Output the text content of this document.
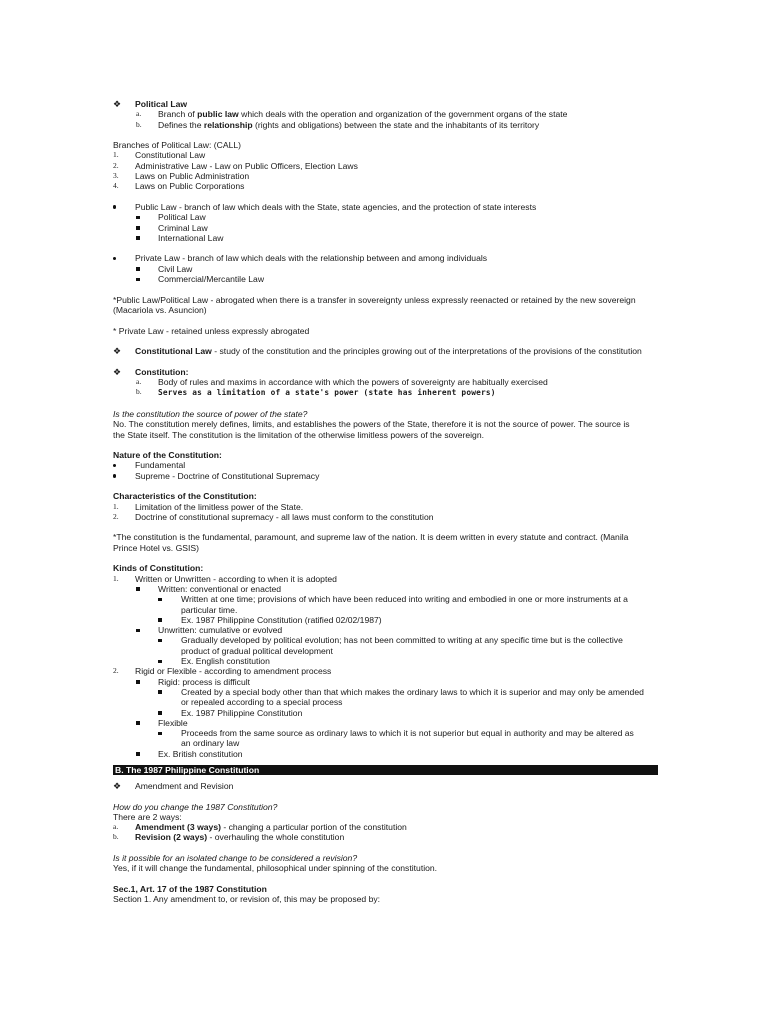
❖ Political Law
a. Branch of public law which deals with the operation and organization of the government organs of the state
b. Defines the relationship (rights and obligations) between the state and the inhabitants of its territory
Branches of Political Law: (CALL)
1. Constitutional Law
2. Administrative Law - Law on Public Officers, Election Laws
3. Laws on Public Administration
4. Laws on Public Corporations
Public Law - branch of law which deals with the State, state agencies, and the protection of state interests
Political Law
Criminal Law
International Law
Private Law - branch of law which deals with the relationship between and among individuals
Civil Law
Commercial/Mercantile Law
*Public Law/Political Law - abrogated when there is a transfer in sovereignty unless expressly reenacted or retained by the new sovereign
(Macariola vs. Asuncion)
* Private Law - retained unless expressly abrogated
❖ Constitutional Law - study of the constitution and the principles growing out of the interpretations of the provisions of the constitution
❖ Constitution:
a. Body of rules and maxims in accordance with which the powers of sovereignty are habitually exercised
b. Serves as a limitation of a state's power (state has inherent powers)
Is the constitution the source of power of the state?
No. The constitution merely defines, limits, and establishes the powers of the State, therefore it is not the source of power. The source is
the State itself. The constitution is the limitation of the otherwise limitless powers of the sovereign.
Nature of the Constitution:
Fundamental
Supreme - Doctrine of Constitutional Supremacy
Characteristics of the Constitution:
1. Limitation of the limitless power of the State.
2. Doctrine of constitutional supremacy - all laws must conform to the constitution
*The constitution is the fundamental, paramount, and supreme law of the nation. It is deem written in every statute and contract. (Manila
Prince Hotel vs. GSIS)
Kinds of Constitution:
1. Written or Unwritten - according to when it is adopted
Written: conventional or enacted
Written at one time; provisions of which have been reduced into writing and embodied in one or more instruments at a
particular time.
Ex. 1987 Philippine Constitution (ratified 02/02/1987)
Unwritten: cumulative or evolved
Gradually developed by political evolution; has not been committed to writing at any specific time but is the collective
product of gradual political development
Ex. English constitution
2. Rigid or Flexible - according to amendment process
Rigid: process is difficult
Created by a special body other than that which makes the ordinary laws to which it is superior and may only be amended
or repealed according to a special process
Ex. 1987 Philippine Constitution
Flexible
Proceeds from the same source as ordinary laws to which it is not superior but equal in authority and may be altered as
an ordinary law
Ex. British constitution
B. The 1987 Philippine Constitution
❖ Amendment and Revision
How do you change the 1987 Constitution?
There are 2 ways:
a. Amendment (3 ways) - changing a particular portion of the constitution
b. Revision (2 ways) - overhauling the whole constitution
Is it possible for an isolated change to be considered a revision?
Yes, if it will change the fundamental, philosophical under spinning of the constitution.
Sec.1, Art. 17 of the 1987 Constitution
Section 1. Any amendment to, or revision of, this may be proposed by:
